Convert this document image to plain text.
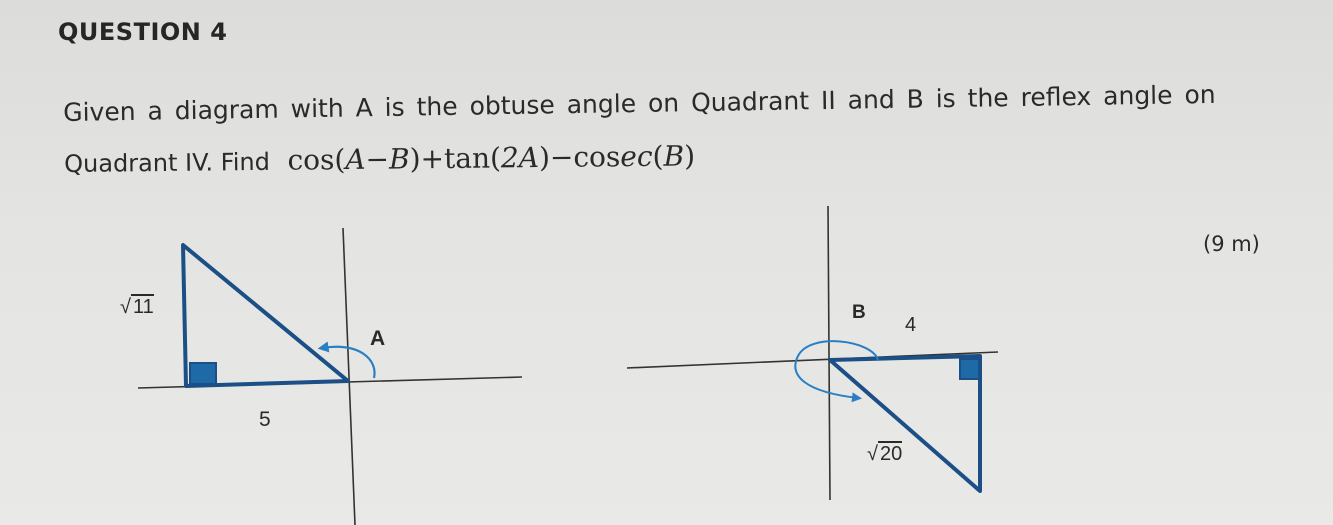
QUESTION 4

Given a diagram with A is the obtuse angle on Quadrant II and B is the reflex angle on

Quadrant IV. Find cos(A−B)+tan(2A)−cosec(B)

(9 m)

√ 11
5
A
B
4
√ 20
